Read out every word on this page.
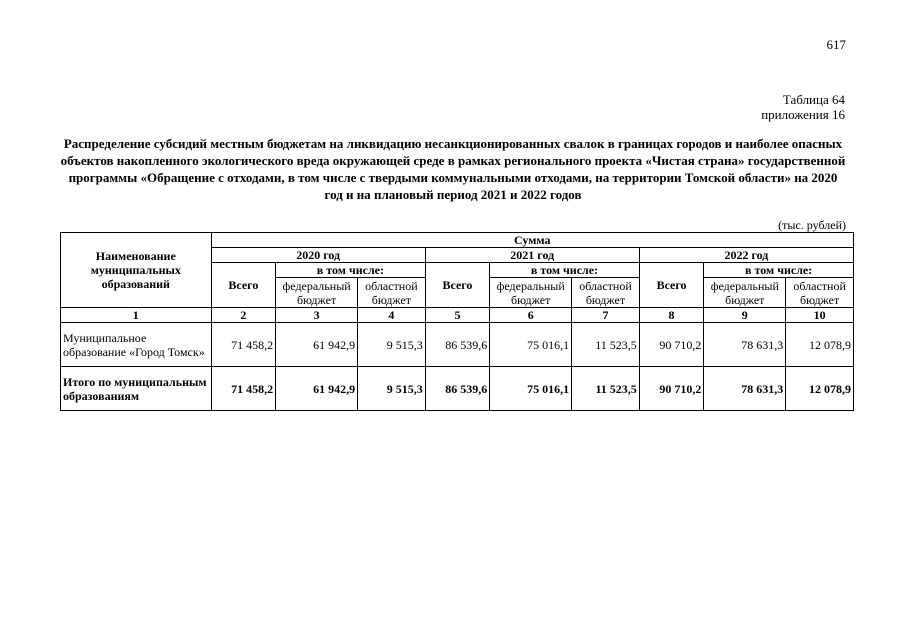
617
Таблица 64
приложения 16
Распределение субсидий местным бюджетам на ликвидацию несанкционированных свалок в границах городов и наиболее опасных объектов накопленного экологического вреда окружающей среде в рамках регионального проекта «Чистая страна» государственной программы «Обращение с отходами, в том числе с твердыми коммунальными отходами, на территории Томской области» на 2020 год и на плановый период 2021 и 2022 годов
(тыс. рублей)
Наименование муниципальных образований	Сумма								
	2020 год			2021 год			2022 год		
	Всего	в том числе:		Всего	в том числе:		Всего	в том числе:	
		федеральный бюджет	областной бюджет		федеральный бюджет	областной бюджет		федеральный бюджет	областной бюджет
1	2	3	4	5	6	7	8	9	10
Муниципальное образование «Город Томск»	71 458,2	61 942,9	9 515,3	86 539,6	75 016,1	11 523,5	90 710,2	78 631,3	12 078,9
Итого по муниципальным образованиям	71 458,2	61 942,9	9 515,3	86 539,6	75 016,1	11 523,5	90 710,2	78 631,3	12 078,9
